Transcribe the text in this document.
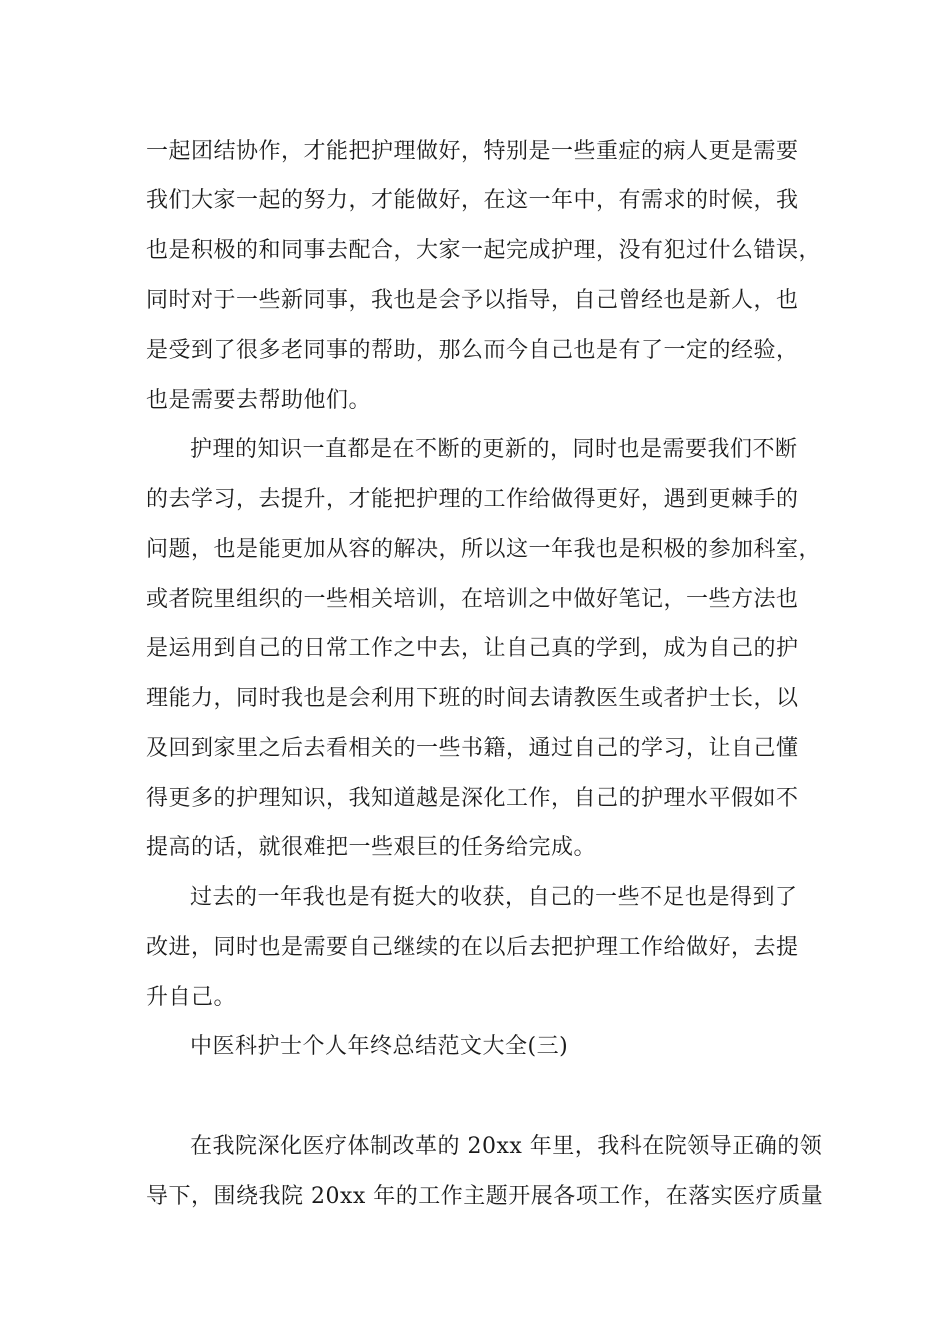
一起团结协作，才能把护理做好，特别是一些重症的病人更是需要
我们大家一起的努力，才能做好，在这一年中，有需求的时候，我
也是积极的和同事去配合，大家一起完成护理，没有犯过什么错误，
同时对于一些新同事，我也是会予以指导，自己曾经也是新人，也
是受到了很多老同事的帮助，那么而今自己也是有了一定的经验，
也是需要去帮助他们。
护理的知识一直都是在不断的更新的，同时也是需要我们不断
的去学习，去提升，才能把护理的工作给做得更好，遇到更棘手的
问题，也是能更加从容的解决，所以这一年我也是积极的参加科室，
或者院里组织的一些相关培训，在培训之中做好笔记，一些方法也
是运用到自己的日常工作之中去，让自己真的学到，成为自己的护
理能力，同时我也是会利用下班的时间去请教医生或者护士长，以
及回到家里之后去看相关的一些书籍，通过自己的学习，让自己懂
得更多的护理知识，我知道越是深化工作，自己的护理水平假如不
提高的话，就很难把一些艰巨的任务给完成。
过去的一年我也是有挺大的收获，自己的一些不足也是得到了
改进，同时也是需要自己继续的在以后去把护理工作给做好，去提
升自己。
中医科护士个人年终总结范文大全(三)
在我院深化医疗体制改革的 20xx 年里，我科在院领导正确的领
导下，围绕我院 20xx 年的工作主题开展各项工作，在落实医疗质量
